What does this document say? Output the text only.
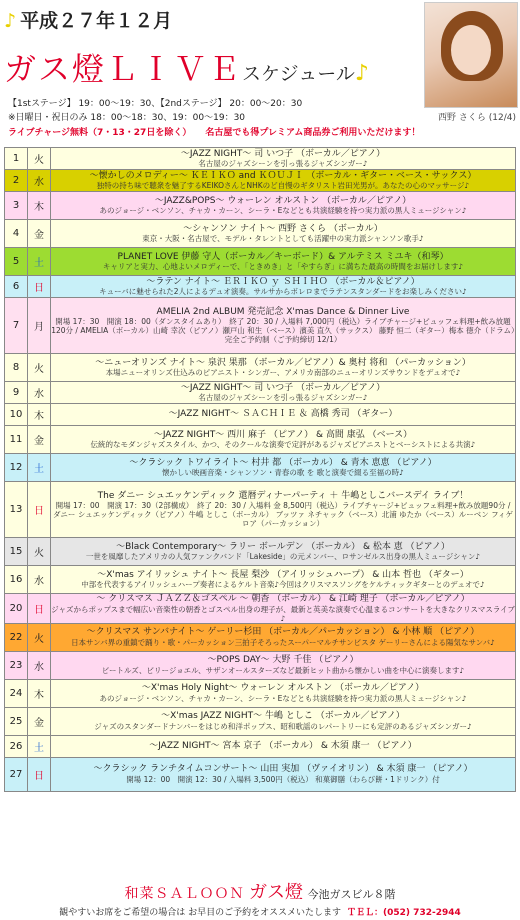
♪ 平成２７年１２月
ガス燈ＬＩＶＥスケジュール♪
西野 さくら (12/4)
【1stステージ】 19：00〜19：30、【2ndステージ】 20：00〜20：30
※日曜日・祝日のみ 18：00〜18：30、19：00〜19：30
ライブチャージ無料（7・13・27日を除く） 名古屋でも得プレミアム商品券ご利用いただけます！
1	火	〜JAZZ NIGHT〜 司 いつ子 （ボーカル／ピアノ）
名古屋のジャズシーンを引っ張るジャズシンガー♪

2	水	〜懐かしのメロディー〜 ＫＥＩＫＯ and ＫＯＵＪＩ （ボーカル・ギター・ベース・サックス）
独特の持ち味で聴衆を魅了するKEIKOさんとNHKのど自慢のギタリスト岩田光男が。あなたの心のマッサージ♪

3	木	〜JAZZ&POPS〜 ウォーレン オルストン （ボーカル／ピアノ）
あのジョージ・ベンソン、チャカ・カーン、シーラ・Eなどとも共演経験を持つ実力派の黒人ミュージシャン♪

4	金	〜シャンソン ナイト〜 西野 さくら （ボーカル）
東京・大阪・名古屋で、モデル・タレントとしても活躍中の実力派シャンソン歌手♪

5	土	PLANET LOVE 伊藤 守人（ボーカル／キーボード）& アルテミス ミユキ（和琴）
キャリアと実力、心地よいメロディーで、「ときめき」と「やすらぎ」に満ちた最高の時間をお届けします♪

6	日	〜ラテン ナイト〜 ＥＲＩＫＯ ｙ ＳＨＩＨＯ （ボーカル＆ピアノ）
キューバに魅せられた2人によるデュオ演奏。サルサからボレロまでラテンスタンダードをお楽しみください♪

7	月	AMELIA 2nd ALBUM 発売記念 X'mas Dance & Dinner Live
開場 17：30　開演 18：00（ダンスタイムあり）　終了 20：30 / 入場料 7,000円（税込）ライブチャージ+ビュッフェ料理+飲み放題120分 / AMELIA（ボーカル）山崎 幸次（ピアノ）瀬戸山 和生（ベース）濱美 直久（サックス） 藤野 恒二（ギター）梅本 徳介（ドラム）完全ご予約制（ご予約締切 12/1）

8	火	〜ニューオリンズ ナイト〜 泉沢 果那 （ボーカル／ピアノ）& 奥村 将和 （パーカッション）
本場ニューオリンズ仕込みのピアニスト・シンガー、アメリカ南部のニューオリンズサウンドをデュオで♪

9	水	〜JAZZ NIGHT〜 司 いつ子 （ボーカル／ピアノ）
名古屋のジャズシーンを引っ張るジャズシンガー♪

10	木	〜JAZZ NIGHT〜 ＳＡＣＨＩＥ ＆ 高橋 秀司 （ギター）

11	金	〜JAZZ NIGHT〜 西川 麻子 （ピアノ） & 高間 康弘 （ベース）
伝統的なモダンジャズスタイル、かつ、そのクールな演奏で定評があるジャズピアニストとベーシストによる共演♪

12	土	〜クラシック トワイライト〜 村井 都 （ボーカル） & 青木 恵恵 （ピアノ）
懐かしい映画音楽・シャンソン・青春の歌 を 歌と演奏で綴る至福の時♪

13	日	The ダニー シュエッケンディック 還暦ディナーパーティ ＋ 牛嶋としこバースデイ ライブ！
開場 17：00　開演 17：30（2部構成）　終了 20：30 / 入場料 金 8,500円（税込）ライブチャージ+ビュッフェ料理+飲み放題90分 / ダニー シュエッケンディック（ピアノ）牛嶋 としこ（ボーカル） ブッツァ ネチャック（ベース）北浦 ゆたか（ベース）ルーベン フィゲロア（パーカッション）

15	火	〜Black Contemporary〜 ラリー ボールデン （ボーカル） & 松本 恵 （ピアノ）
一世を風靡したアメリカの人気ファンクバンド「Lakeside」の元メンバー、ロサンゼルス出身の黒人ミュージシャン♪

16	水	〜X'mas アイリッシュ ナイト〜 長屋 梨沙 （アイリッシュハープ） & 山本 哲也 （ギター）
中部を代表するアイリッシュハープ奏者によるケルト音楽♪今回はクリスマスソングをケルティックギターとのデュオで♪

20	日	〜 クリスマス ＪＡＺＺ＆ゴスペル 〜 朝香 （ボーカル） & 江崎 理子 （ボーカル／ピアノ）
ジャズからポップスまで幅広い音楽性の朝香とゴスペル出身の理子が、最新と英美な演奏で心温まるコンサートを大きなクリスマスライブ♪

22	火	〜クリスマス サンバナイト〜 ゲーリー杉田 （ボーカル／パーカッション） & 小林 順 （ピアノ）
日本サンバ界の重鎮で踊り・歌・パーカッション三拍子そろったスーパーマルチサンビスタ ゲーリーさんによる陽気なサンバ♪

23	水	〜POPS DAY〜 大野 千佳 （ピアノ）
ビートルズ、ビリージョエル、サザンオールスターズなど最新ヒット曲から懐かしい曲を中心に演奏します♪

24	木	〜X'mas Holy Night〜 ウォーレン オルストン （ボーカル／ピアノ）
あのジョージ・ベンソン、チャカ・カーン、シーラ・Eなどとも共演経験を持つ実力派の黒人ミュージシャン♪

25	金	〜X'mas JAZZ NIGHT〜 牛嶋 としこ （ボーカル／ピアノ）
ジャズのスタンダードナンバーをはじめ和洋ポップス、昭和歌謡のレパートリーにも定評のあるジャズシンガー♪

26	土	〜JAZZ NIGHT〜 宮本 京子 （ボーカル） & 木須 康一 （ピアノ）

27	日	〜クラシック ランチタイムコンサート〜 山田 実加 （ヴァイオリン） & 木須 康一 （ピアノ）
開場 12：00　開演 12：30 / 入場料 3,500円（税込） 和菓御膳（わらび餅・1ドリンク）付
和菜ＳＡＬＯＯＮ ガス燈 今池ガスビル８階
観やすいお席をご希望の場合は お早目のご予約をオススメいたします ＴＥＬ：(052) 732-2944
